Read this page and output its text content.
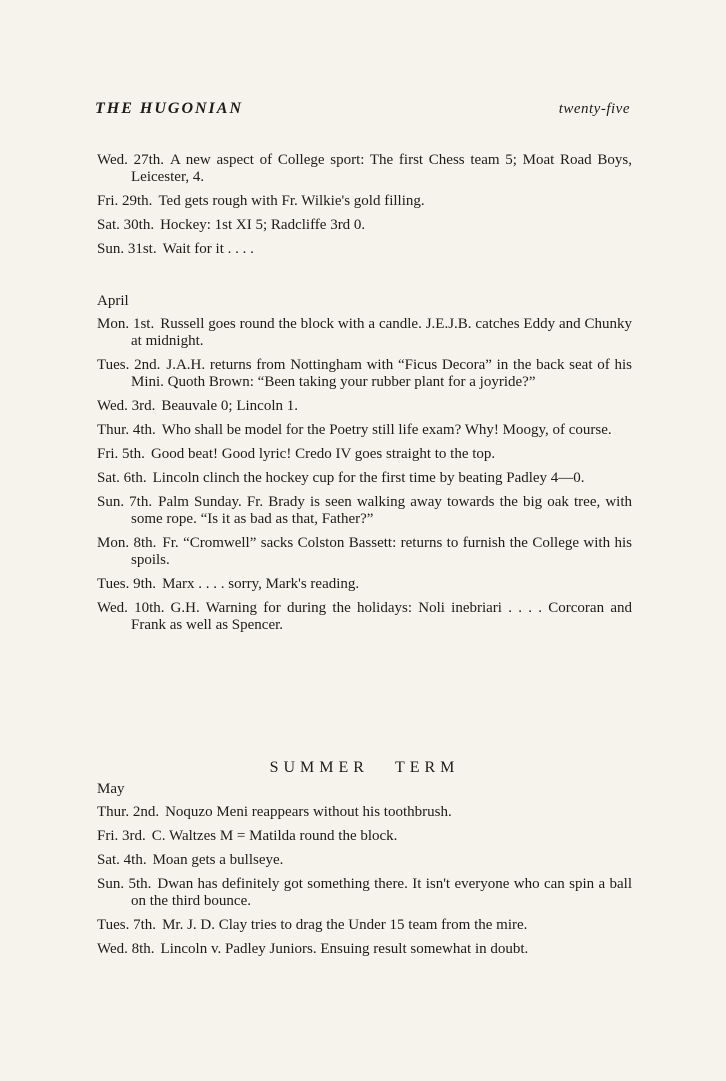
THE HUGONIAN	twenty-five

Wed. 27th. A new aspect of College sport: The first Chess team 5; Moat Road Boys, Leicester, 4.

Fri. 29th. Ted gets rough with Fr. Wilkie's gold filling.

Sat. 30th. Hockey: 1st XI 5; Radcliffe 3rd 0.

Sun. 31st. Wait for it . . . .

April

Mon. 1st. Russell goes round the block with a candle. J.E.J.B. catches Eddy and Chunky at midnight.

Tues. 2nd. J.A.H. returns from Nottingham with “Ficus Decora” in the back seat of his Mini. Quoth Brown: “Been taking your rubber plant for a joyride?”

Wed. 3rd. Beauvale 0; Lincoln 1.

Thur. 4th. Who shall be model for the Poetry still life exam? Why! Moogy, of course.

Fri. 5th. Good beat! Good lyric! Credo IV goes straight to the top.

Sat. 6th. Lincoln clinch the hockey cup for the first time by beating Padley 4—0.

Sun. 7th. Palm Sunday. Fr. Brady is seen walking away towards the big oak tree, with some rope. “Is it as bad as that, Father?”

Mon. 8th. Fr. “Cromwell” sacks Colston Bassett: returns to furnish the College with his spoils.

Tues. 9th. Marx . . . . sorry, Mark's reading.

Wed. 10th. G.H. Warning for during the holidays: Noli inebriari . . . . Corcoran and Frank as well as Spencer.

SUMMER TERM

May

Thur. 2nd. Noquzo Meni reappears without his toothbrush.

Fri. 3rd. C. Waltzes M = Matilda round the block.

Sat. 4th. Moan gets a bullseye.

Sun. 5th. Dwan has definitely got something there. It isn't everyone who can spin a ball on the third bounce.

Tues. 7th. Mr. J. D. Clay tries to drag the Under 15 team from the mire.

Wed. 8th. Lincoln v. Padley Juniors. Ensuing result somewhat in doubt.
